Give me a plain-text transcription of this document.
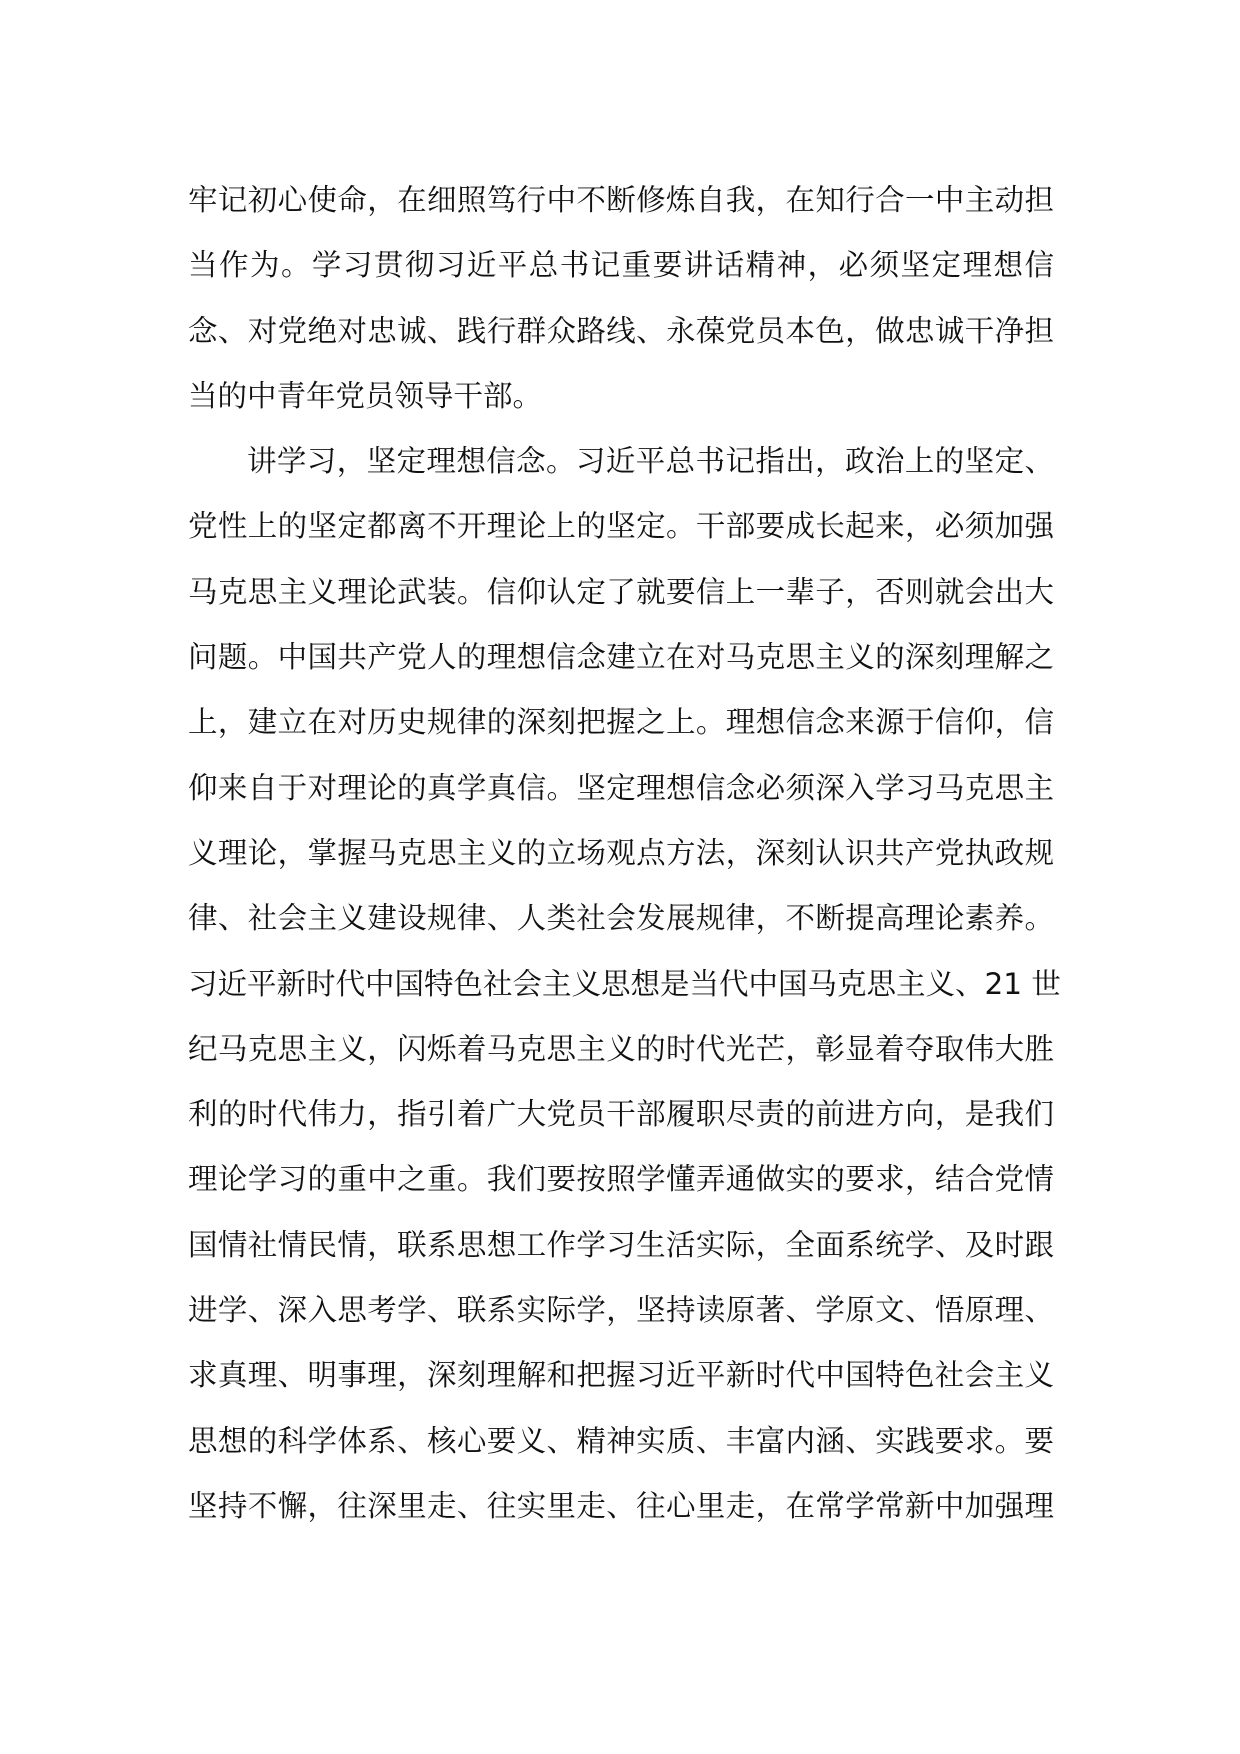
牢记初心使命，在细照笃行中不断修炼自我，在知行合一中主动担
当作为。学习贯彻习近平总书记重要讲话精神，必须坚定理想信
念、对党绝对忠诚、践行群众路线、永葆党员本色，做忠诚干净担
当的中青年党员领导干部。
讲学习，坚定理想信念。习近平总书记指出，政治上的坚定、
党性上的坚定都离不开理论上的坚定。干部要成长起来，必须加强
马克思主义理论武装。信仰认定了就要信上一辈子，否则就会出大
问题。中国共产党人的理想信念建立在对马克思主义的深刻理解之
上，建立在对历史规律的深刻把握之上。理想信念来源于信仰，信
仰来自于对理论的真学真信。坚定理想信念必须深入学习马克思主
义理论，掌握马克思主义的立场观点方法，深刻认识共产党执政规
律、社会主义建设规律、人类社会发展规律，不断提高理论素养。
习近平新时代中国特色社会主义思想是当代中国马克思主义、21 世
纪马克思主义，闪烁着马克思主义的时代光芒，彰显着夺取伟大胜
利的时代伟力，指引着广大党员干部履职尽责的前进方向，是我们
理论学习的重中之重。我们要按照学懂弄通做实的要求，结合党情
国情社情民情，联系思想工作学习生活实际，全面系统学、及时跟
进学、深入思考学、联系实际学，坚持读原著、学原文、悟原理、
求真理、明事理，深刻理解和把握习近平新时代中国特色社会主义
思想的科学体系、核心要义、精神实质、丰富内涵、实践要求。要
坚持不懈，往深里走、往实里走、往心里走，在常学常新中加强理
